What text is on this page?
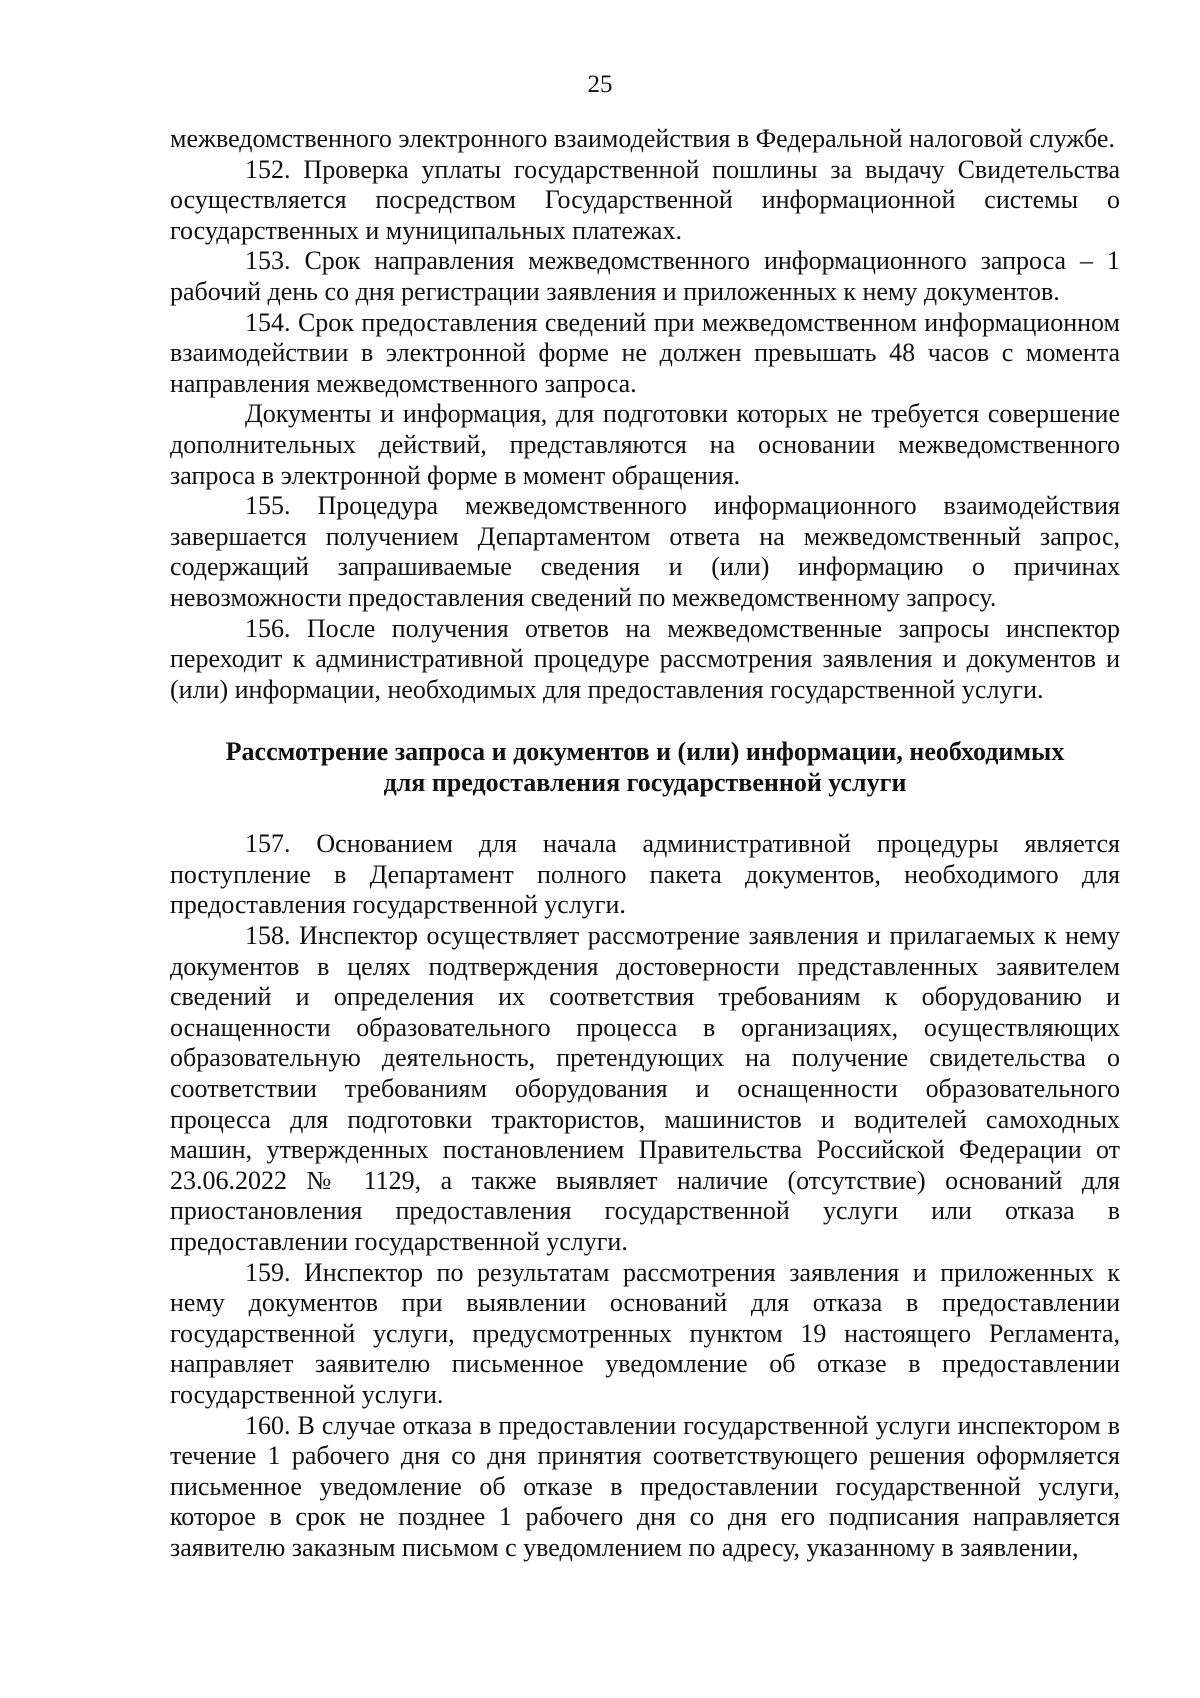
25

межведомственного электронного взаимодействия в Федеральной налоговой службе.

152. Проверка уплаты государственной пошлины за выдачу Свидетельства осуществляется посредством Государственной информационной системы о государственных и муниципальных платежах.

153. Срок направления межведомственного информационного запроса – 1 рабочий день со дня регистрации заявления и приложенных к нему документов.

154. Срок предоставления сведений при межведомственном информационном взаимодействии в электронной форме не должен превышать 48 часов с момента направления межведомственного запроса.

Документы и информация, для подготовки которых не требуется совершение дополнительных действий, представляются на основании межведомственного запроса в электронной форме в момент обращения.

155. Процедура межведомственного информационного взаимодействия завершается получением Департаментом ответа на межведомственный запрос, содержащий запрашиваемые сведения и (или) информацию о причинах невозможности предоставления сведений по межведомственному запросу.

156. После получения ответов на межведомственные запросы инспектор переходит к административной процедуре рассмотрения заявления и документов и (или) информации, необходимых для предоставления государственной услуги.

Рассмотрение запроса и документов и (или) информации, необходимых
для предоставления государственной услуги

157. Основанием для начала административной процедуры является поступление в Департамент полного пакета документов, необходимого для предоставления государственной услуги.

158. Инспектор осуществляет рассмотрение заявления и прилагаемых к нему документов в целях подтверждения достоверности представленных заявителем сведений и определения их соответствия требованиям к оборудованию и оснащенности образовательного процесса в организациях, осуществляющих образовательную деятельность, претендующих на получение свидетельства о соответствии требованиям оборудования и оснащенности образовательного процесса для подготовки трактористов, машинистов и водителей самоходных машин, утвержденных постановлением Правительства Российской Федерации от 23.06.2022 № 1129, а также выявляет наличие (отсутствие) оснований для приостановления предоставления государственной услуги или отказа в предоставлении государственной услуги.

159. Инспектор по результатам рассмотрения заявления и приложенных к нему документов при выявлении оснований для отказа в предоставлении государственной услуги, предусмотренных пунктом 19 настоящего Регламента, направляет заявителю письменное уведомление об отказе в предоставлении государственной услуги.

160. В случае отказа в предоставлении государственной услуги инспектором в течение 1 рабочего дня со дня принятия соответствующего решения оформляется письменное уведомление об отказе в предоставлении государственной услуги, которое в срок не позднее 1 рабочего дня со дня его подписания направляется заявителю заказным письмом с уведомлением по адресу, указанному в заявлении,
